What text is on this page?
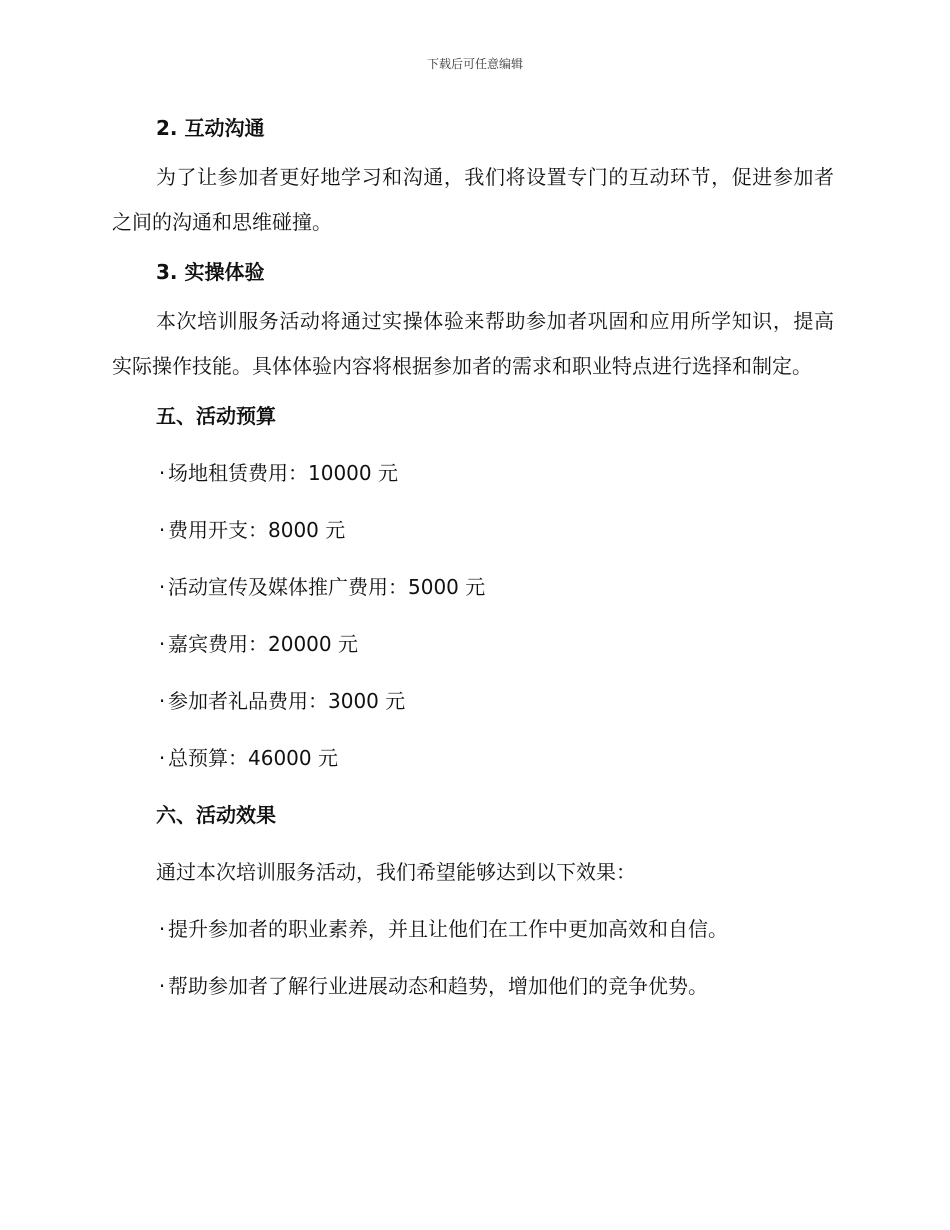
下载后可任意编辑

2. 互动沟通

为了让参加者更好地学习和沟通，我们将设置专门的互动环节，促进参加者之间的沟通和思维碰撞。

3. 实操体验

本次培训服务活动将通过实操体验来帮助参加者巩固和应用所学知识，提高实际操作技能。具体体验内容将根据参加者的需求和职业特点进行选择和制定。

五、活动预算

· 场地租赁费用：10000 元

· 费用开支：8000 元

· 活动宣传及媒体推广费用：5000 元

· 嘉宾费用：20000 元

· 参加者礼品费用：3000 元

· 总预算：46000 元

六、活动效果

通过本次培训服务活动，我们希望能够达到以下效果：

· 提升参加者的职业素养，并且让他们在工作中更加高效和自信。

· 帮助参加者了解行业进展动态和趋势，增加他们的竞争优势。
